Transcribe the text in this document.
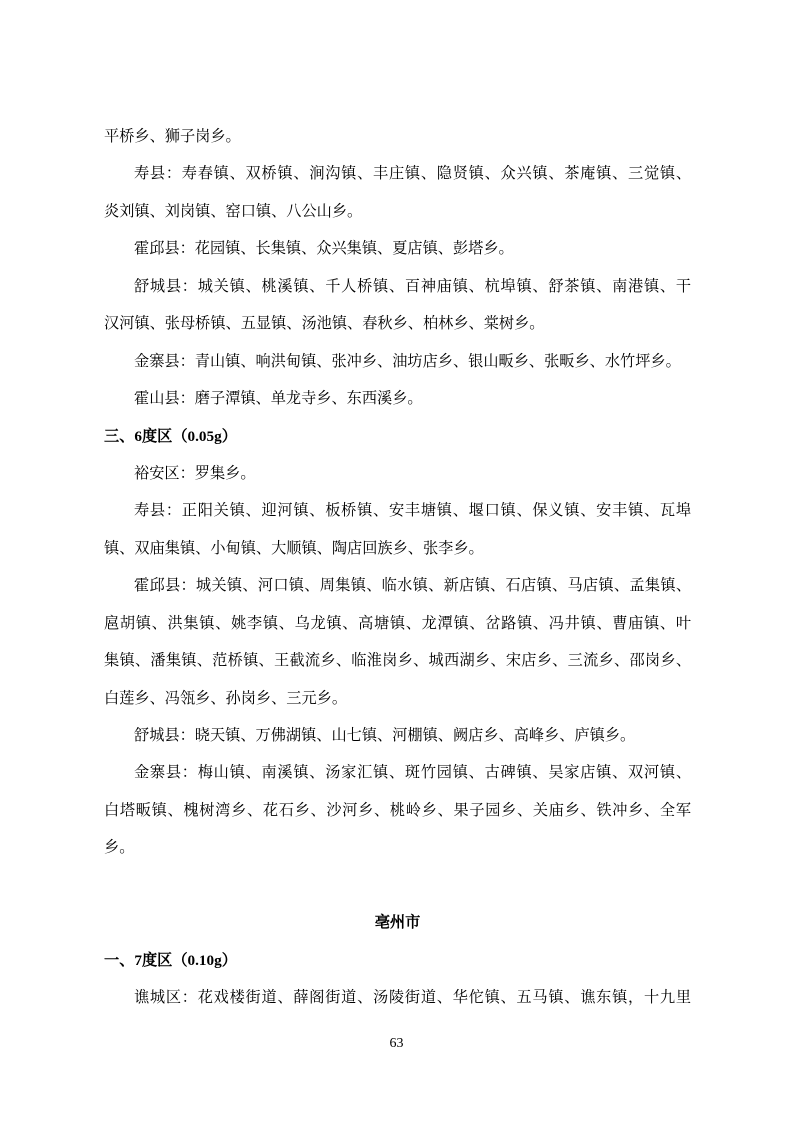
平桥乡、狮子岗乡。
寿县：寿春镇、双桥镇、涧沟镇、丰庄镇、隐贤镇、众兴镇、茶庵镇、三觉镇、
炎刘镇、刘岗镇、窑口镇、八公山乡。
霍邱县：花园镇、长集镇、众兴集镇、夏店镇、彭塔乡。
舒城县：城关镇、桃溪镇、千人桥镇、百神庙镇、杭埠镇、舒茶镇、南港镇、干
汉河镇、张母桥镇、五显镇、汤池镇、春秋乡、柏林乡、棠树乡。
金寨县：青山镇、响洪甸镇、张冲乡、油坊店乡、银山畈乡、张畈乡、水竹坪乡。
霍山县：磨子潭镇、单龙寺乡、东西溪乡。
三、6度区（0.05g）
裕安区：罗集乡。
寿县：正阳关镇、迎河镇、板桥镇、安丰塘镇、堰口镇、保义镇、安丰镇、瓦埠
镇、双庙集镇、小甸镇、大顺镇、陶店回族乡、张李乡。
霍邱县：城关镇、河口镇、周集镇、临水镇、新店镇、石店镇、马店镇、孟集镇、
扈胡镇、洪集镇、姚李镇、乌龙镇、高塘镇、龙潭镇、岔路镇、冯井镇、曹庙镇、叶
集镇、潘集镇、范桥镇、王截流乡、临淮岗乡、城西湖乡、宋店乡、三流乡、邵岗乡、
白莲乡、冯瓴乡、孙岗乡、三元乡。
舒城县：晓天镇、万佛湖镇、山七镇、河棚镇、阙店乡、高峰乡、庐镇乡。
金寨县：梅山镇、南溪镇、汤家汇镇、斑竹园镇、古碑镇、吴家店镇、双河镇、
白塔畈镇、槐树湾乡、花石乡、沙河乡、桃岭乡、果子园乡、关庙乡、铁冲乡、全军
乡。
亳州市
一、7度区（0.10g）
谯城区：花戏楼街道、薛阁街道、汤陵街道、华佗镇、五马镇、谯东镇，十九里
63
